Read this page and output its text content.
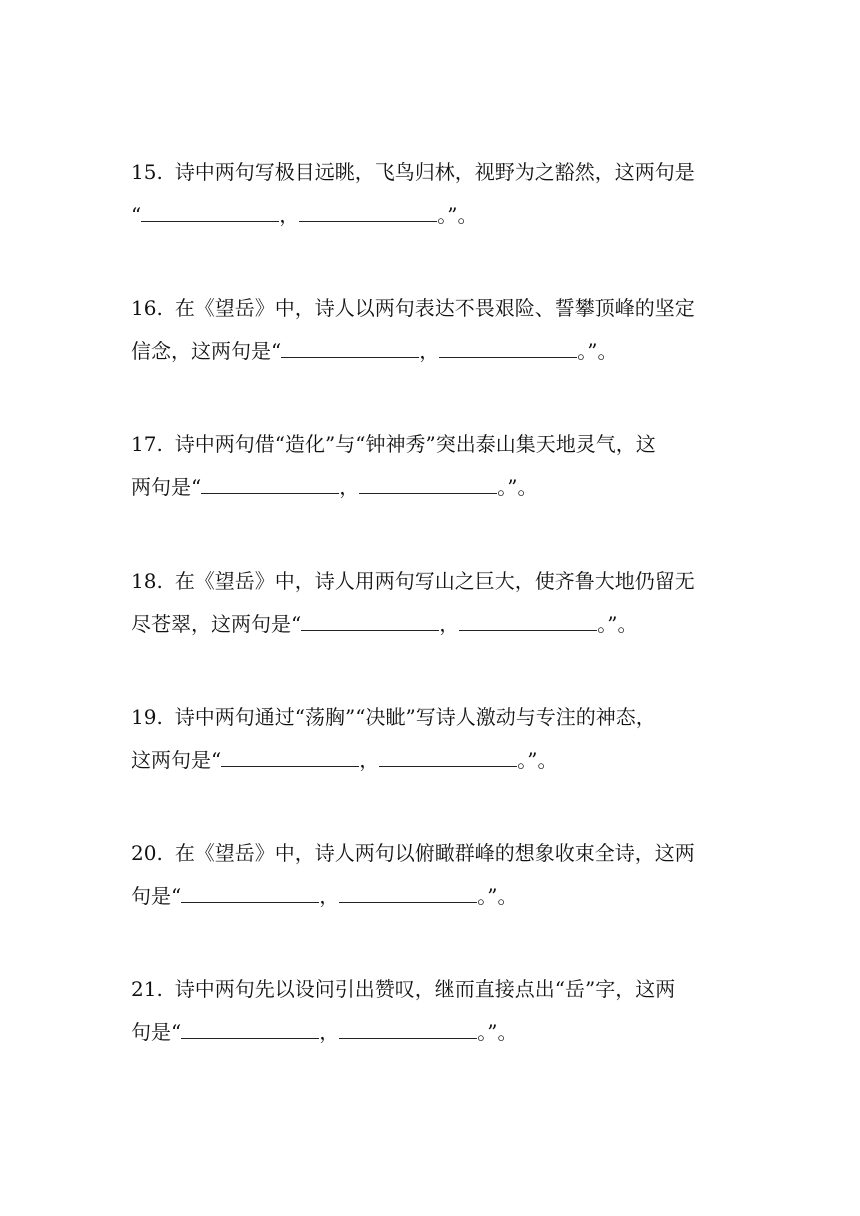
15. 诗中两句写极目远眺，飞鸟归林，视野为之豁然，这两句是
“	，	。”。
16. 在《望岳》中，诗人以两句表达不畏艰险、誓攀顶峰的坚定
信念，这两句是“	，	。”。
17. 诗中两句借“造化”与“钟神秀”突出泰山集天地灵气，这
两句是“	，	。”。
18. 在《望岳》中，诗人用两句写山之巨大，使齐鲁大地仍留无
尽苍翠，这两句是“	，	。”。
19. 诗中两句通过“荡胸”“决眦”写诗人激动与专注的神态，
这两句是“	，	。”。
20. 在《望岳》中，诗人两句以俯瞰群峰的想象收束全诗，这两
句是“	，	。”。
21. 诗中两句先以设问引出赞叹，继而直接点出“岳”字，这两
句是“	，	。”。
